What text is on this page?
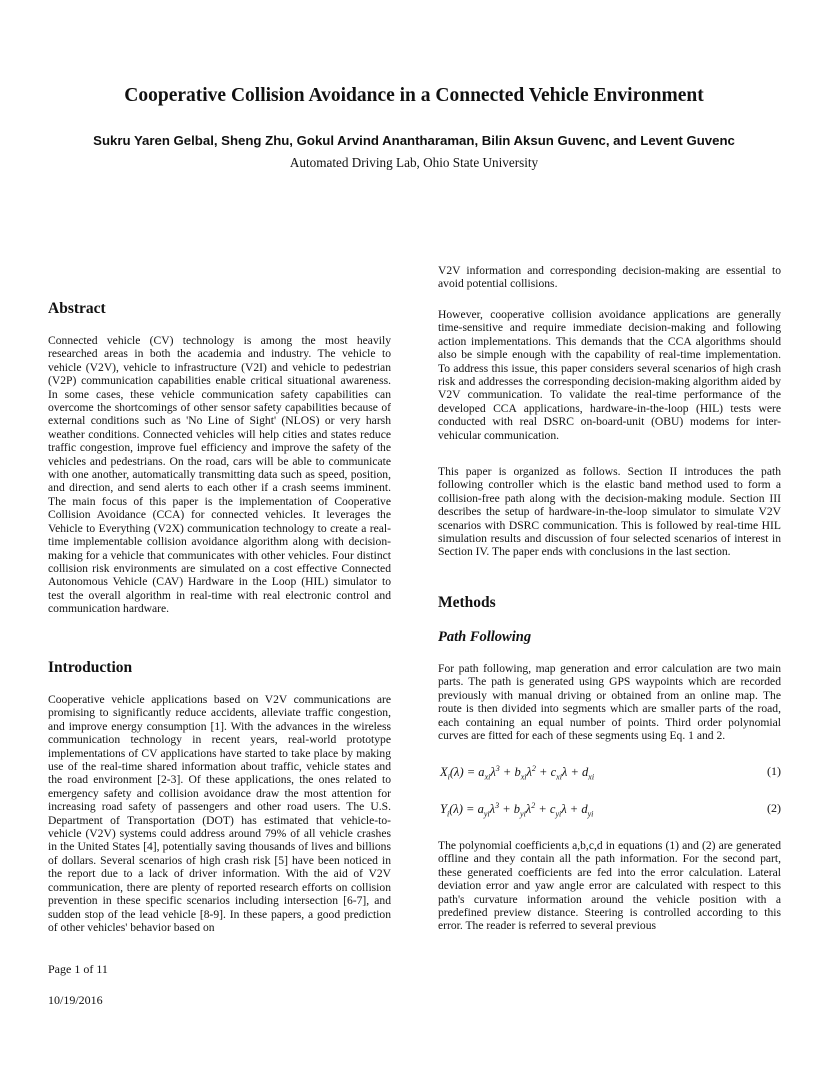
Cooperative Collision Avoidance in a Connected Vehicle Environment
Sukru Yaren Gelbal, Sheng Zhu, Gokul Arvind Anantharaman, Bilin Aksun Guvenc, and Levent Guvenc
Automated Driving Lab, Ohio State University
Abstract

Connected vehicle (CV) technology is among the most heavily researched areas in both the academia and industry. The vehicle to vehicle (V2V), vehicle to infrastructure (V2I) and vehicle to pedestrian (V2P) communication capabilities enable critical situational awareness. In some cases, these vehicle communication safety capabilities can overcome the shortcomings of other sensor safety capabilities because of external conditions such as 'No Line of Sight' (NLOS) or very harsh weather conditions. Connected vehicles will help cities and states reduce traffic congestion, improve fuel efficiency and improve the safety of the vehicles and pedestrians. On the road, cars will be able to communicate with one another, automatically transmitting data such as speed, position, and direction, and send alerts to each other if a crash seems imminent. The main focus of this paper is the implementation of Cooperative Collision Avoidance (CCA) for connected vehicles. It leverages the Vehicle to Everything (V2X) communication technology to create a real-time implementable collision avoidance algorithm along with decision-making for a vehicle that communicates with other vehicles. Four distinct collision risk environments are simulated on a cost effective Connected Autonomous Vehicle (CAV) Hardware in the Loop (HIL) simulator to test the overall algorithm in real-time with real electronic control and communication hardware.

Introduction

Cooperative vehicle applications based on V2V communications are promising to significantly reduce accidents, alleviate traffic congestion, and improve energy consumption [1]. With the advances in the wireless communication technology in recent years, real-world prototype implementations of CV applications have started to take place by making use of the real-time shared information about traffic, vehicle states and the road environment [2-3]. Of these applications, the ones related to emergency safety and collision avoidance draw the most attention for increasing road safety of passengers and other road users. The U.S. Department of Transportation (DOT) has estimated that vehicle-to-vehicle (V2V) systems could address around 79% of all vehicle crashes in the United States [4], potentially saving thousands of lives and billions of dollars. Several scenarios of high crash risk [5] have been noticed in the report due to a lack of driver information. With the aid of V2V communication, there are plenty of reported research efforts on collision prevention in these specific scenarios including intersection [6-7], and sudden stop of the lead vehicle [8-9]. In these papers, a good prediction of other vehicles' behavior based on

V2V information and corresponding decision-making are essential to avoid potential collisions.

However, cooperative collision avoidance applications are generally time-sensitive and require immediate decision-making and following action implementations. This demands that the CCA algorithms should also be simple enough with the capability of real-time implementation. To address this issue, this paper considers several scenarios of high crash risk and addresses the corresponding decision-making algorithm aided by V2V communication. To validate the real-time performance of the developed CCA applications, hardware-in-the-loop (HIL) tests were conducted with real DSRC on-board-unit (OBU) modems for inter-vehicular communication.

This paper is organized as follows. Section II introduces the path following controller which is the elastic band method used to form a collision-free path along with the decision-making module. Section III describes the setup of hardware-in-the-loop simulator to simulate V2V scenarios with DSRC communication. This is followed by real-time HIL simulation results and discussion of four selected scenarios of interest in Section IV. The paper ends with conclusions in the last section.

Methods
Path Following

For path following, map generation and error calculation are two main parts. The path is generated using GPS waypoints which are recorded previously with manual driving or obtained from an online map. The route is then divided into segments which are smaller parts of the road, each containing an equal number of points. Third order polynomial curves are fitted for each of these segments using Eq. 1 and 2.

$X_i(\lambda) = a_{xi}\lambda^3 + b_{xi}\lambda^2 + c_{xi}\lambda + d_{xi}$	(1)
$Y_i(\lambda) = a_{yi}\lambda^3 + b_{yi}\lambda^2 + c_{yi}\lambda + d_{yi}$	(2)

The polynomial coefficients a,b,c,d in equations (1) and (2) are generated offline and they contain all the path information. For the second part, these generated coefficients are fed into the error calculation. Lateral deviation error and yaw angle error are calculated with respect to this path's curvature information around the vehicle position with a predefined preview distance. Steering is controlled according to this error. The reader is referred to several previous

Page 1 of 11
10/19/2016
